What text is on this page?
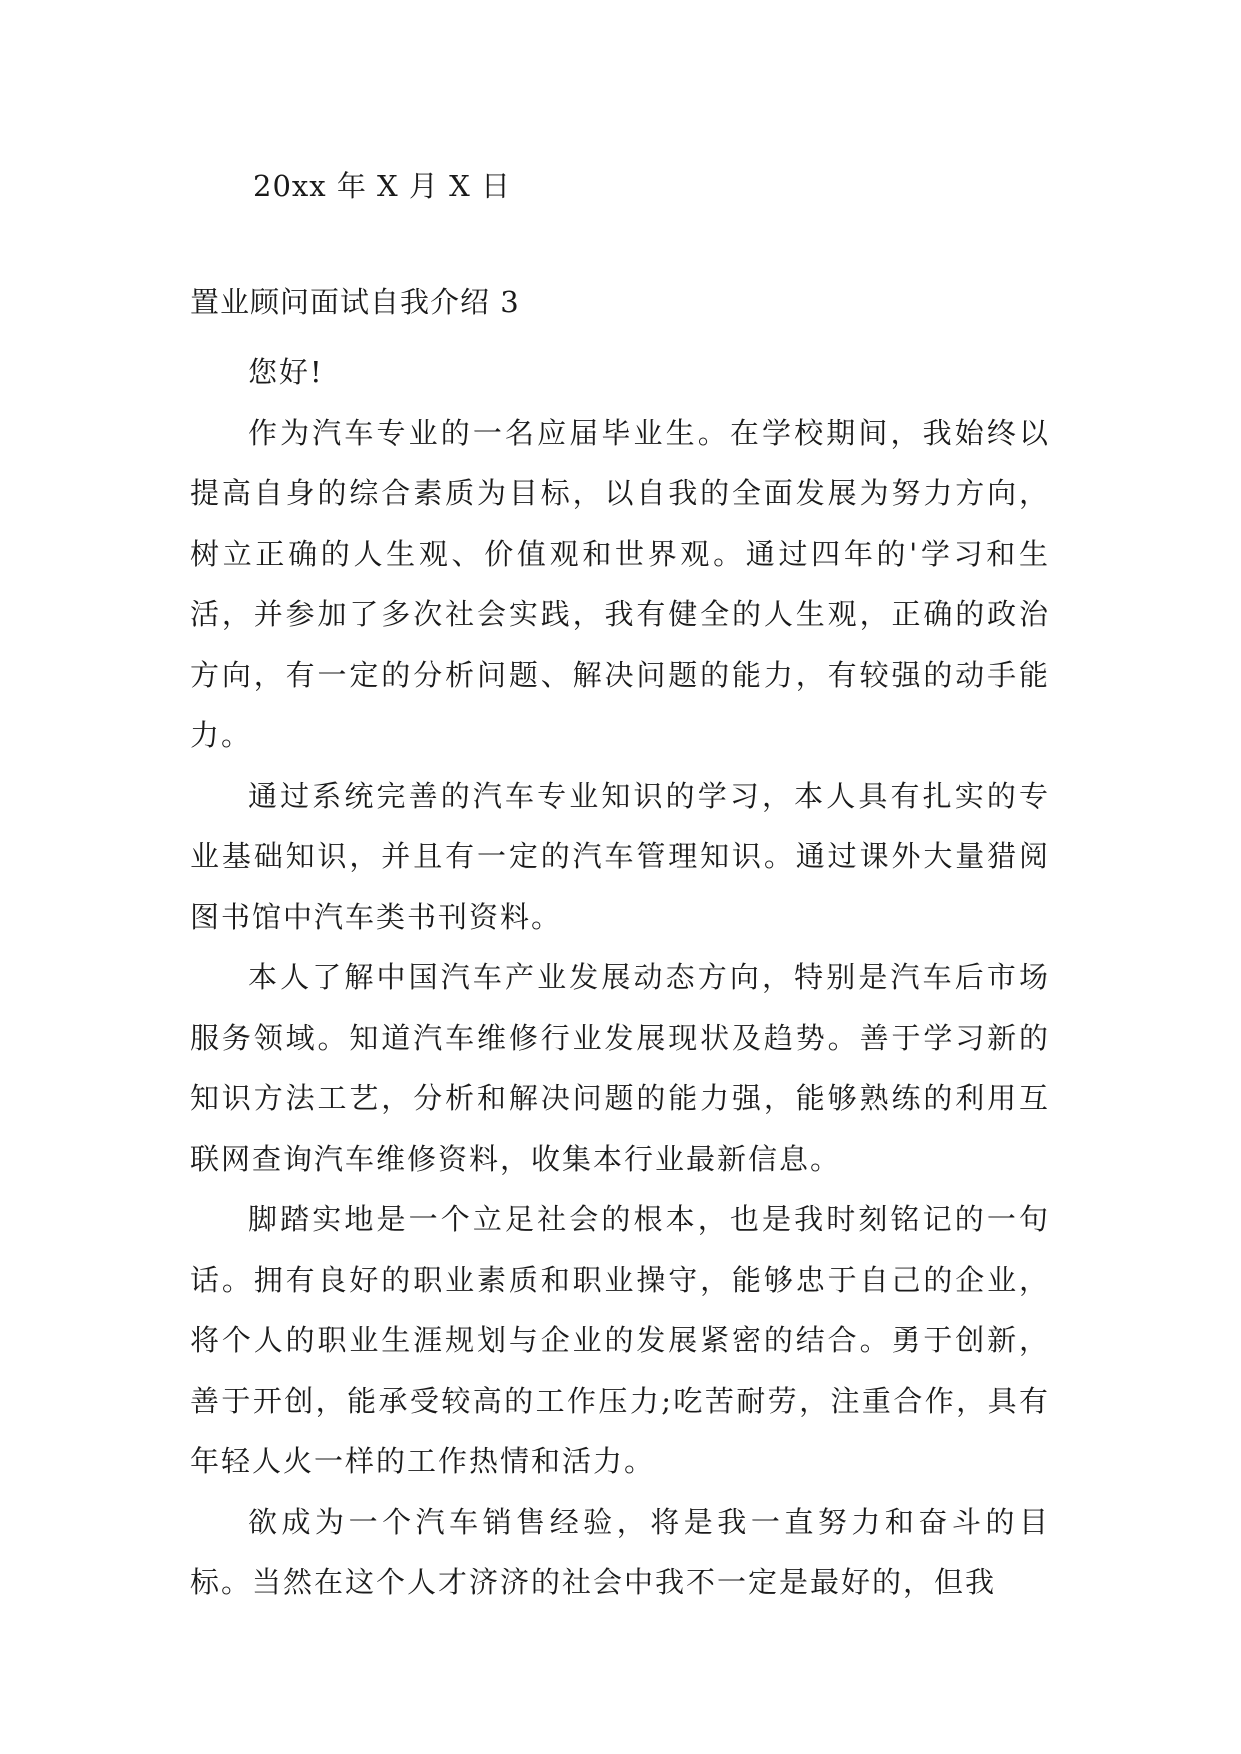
20xx 年 X 月 X 日
置业顾问面试自我介绍 3

您好!

作为汽车专业的一名应届毕业生。在学校期间，我始终以提高自身的综合素质为目标，以自我的全面发展为努力方向，树立正确的人生观、价值观和世界观。通过四年的'学习和生活，并参加了多次社会实践，我有健全的人生观，正确的政治方向，有一定的分析问题、解决问题的能力，有较强的动手能力。

通过系统完善的汽车专业知识的学习，本人具有扎实的专业基础知识，并且有一定的汽车管理知识。通过课外大量猎阅图书馆中汽车类书刊资料。

本人了解中国汽车产业发展动态方向，特别是汽车后市场服务领域。知道汽车维修行业发展现状及趋势。善于学习新的知识方法工艺，分析和解决问题的能力强，能够熟练的利用互联网查询汽车维修资料，收集本行业最新信息。

脚踏实地是一个立足社会的根本，也是我时刻铭记的一句话。拥有良好的职业素质和职业操守，能够忠于自己的企业，将个人的职业生涯规划与企业的发展紧密的结合。勇于创新，善于开创，能承受较高的工作压力;吃苦耐劳，注重合作，具有年轻人火一样的工作热情和活力。

欲成为一个汽车销售经验，将是我一直努力和奋斗的目标。当然在这个人才济济的社会中我不一定是最好的，但我
